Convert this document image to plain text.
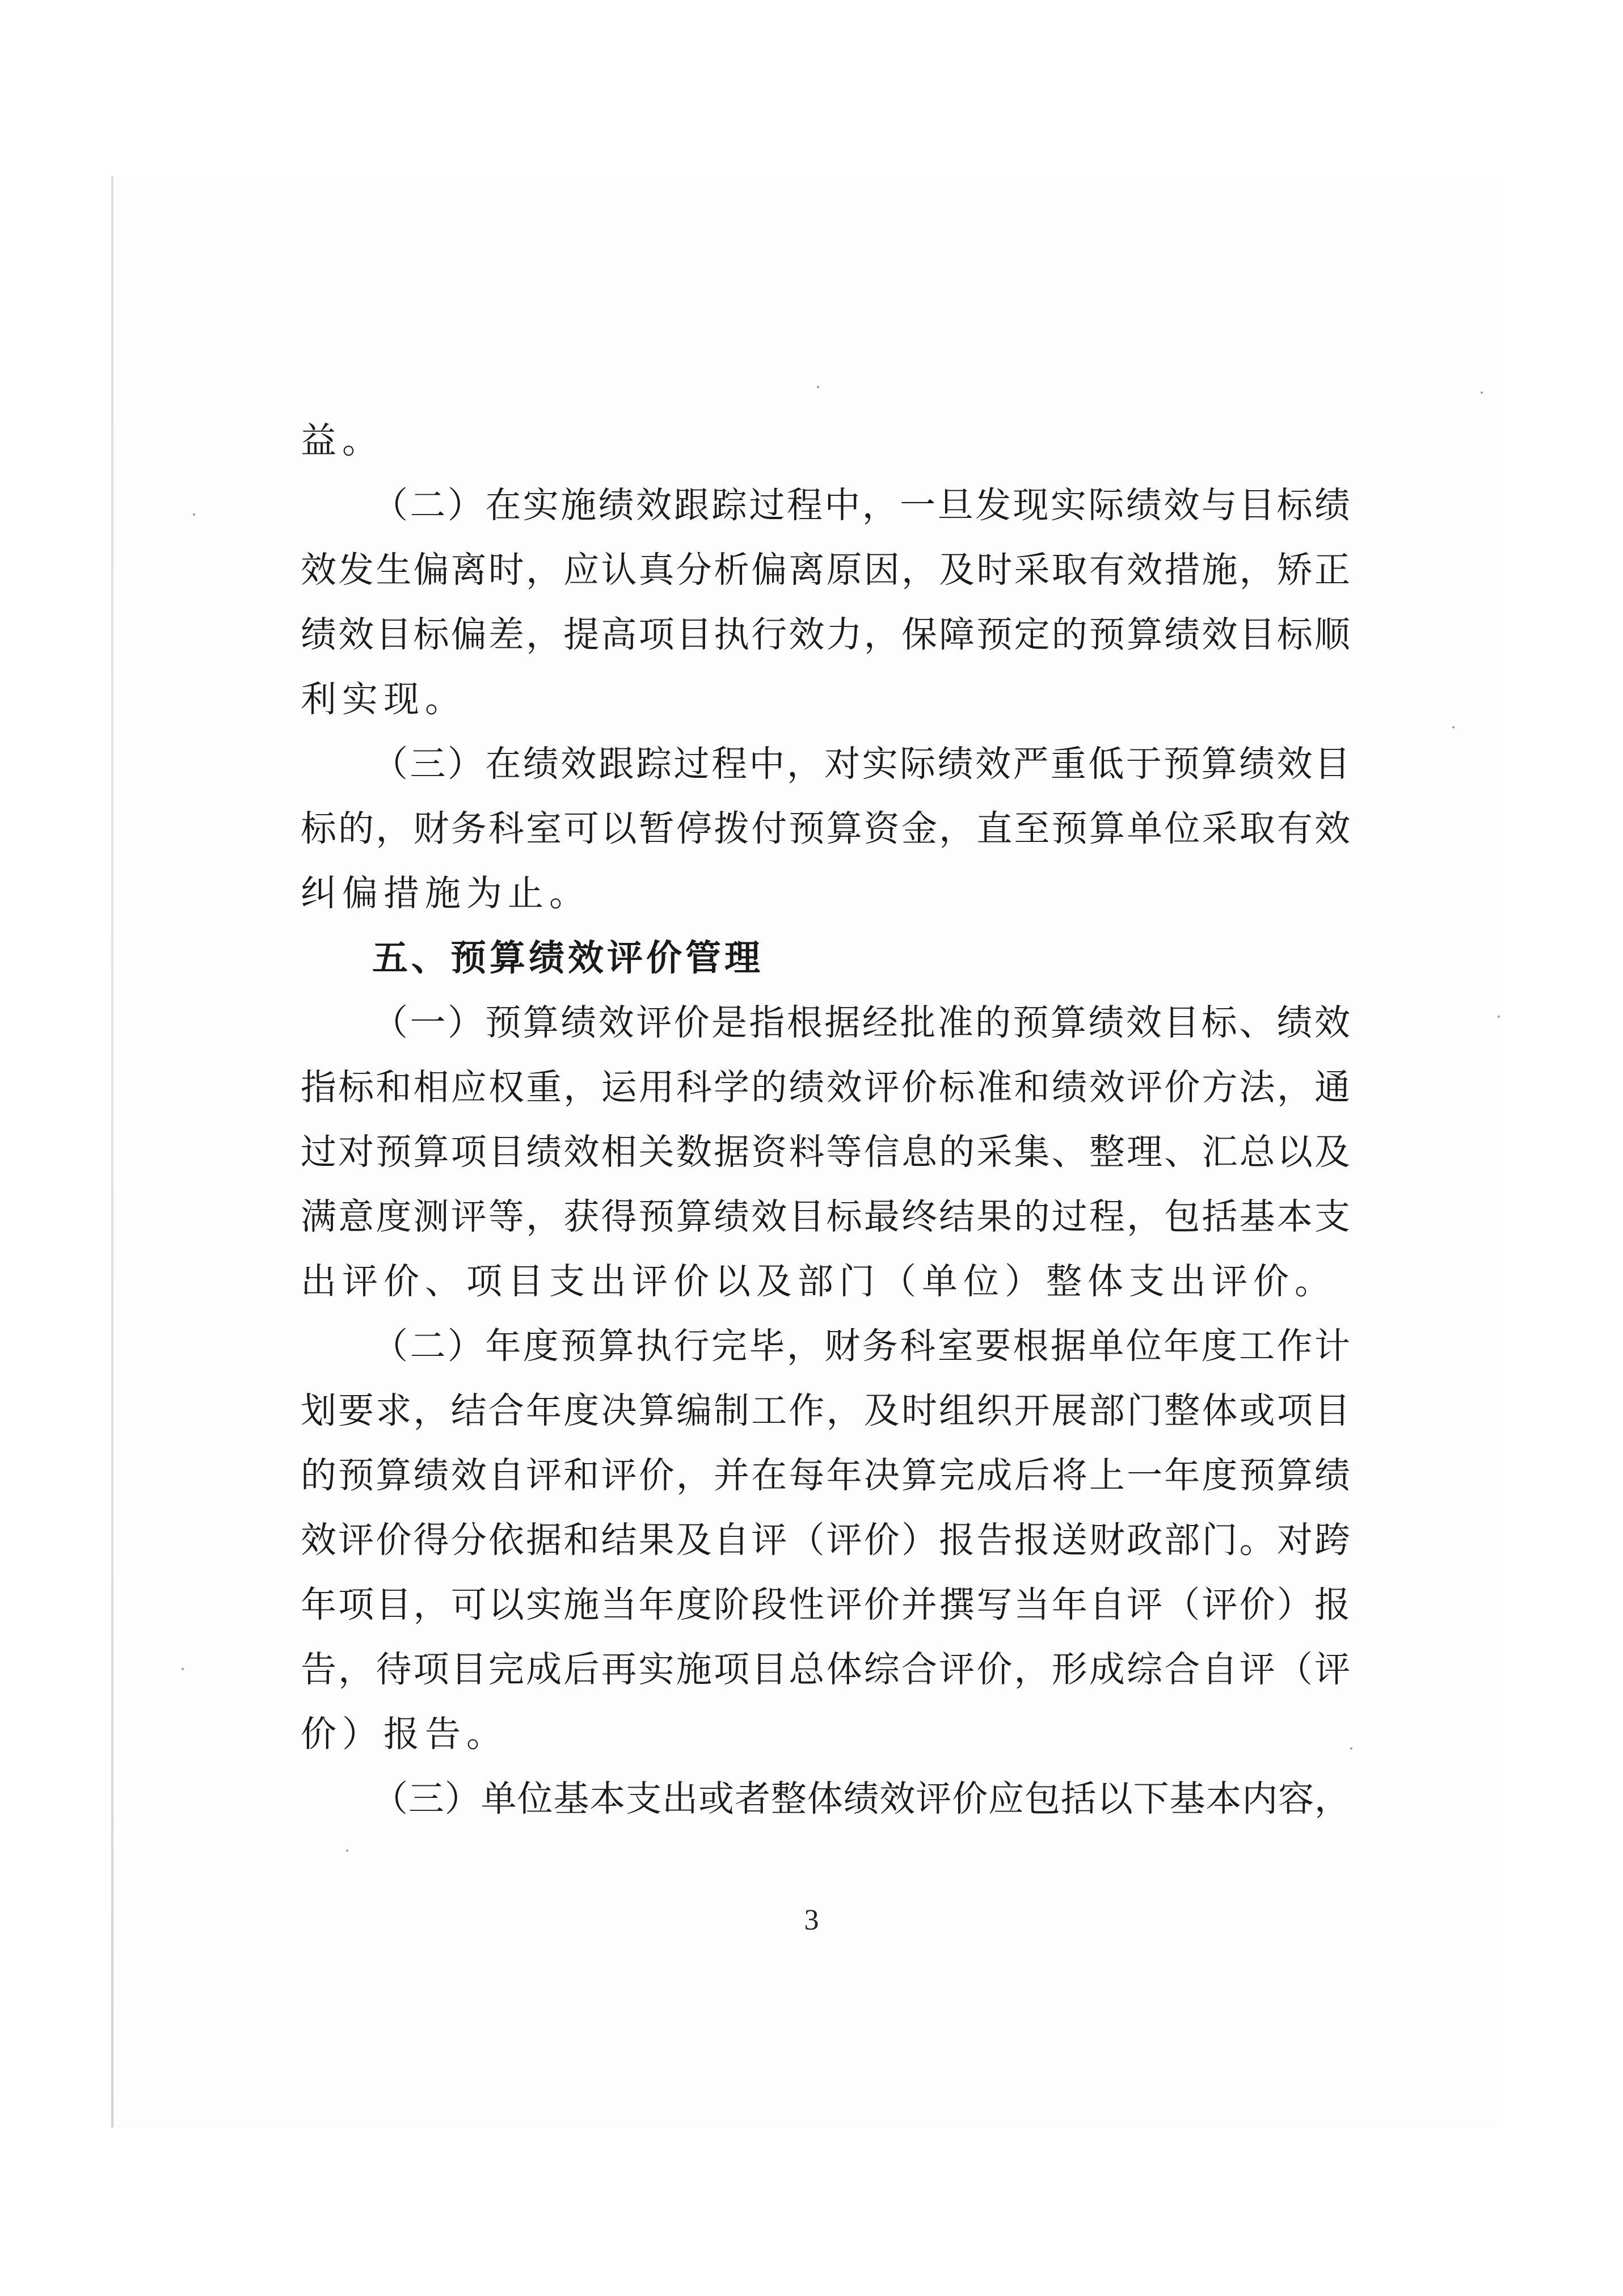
益。
（二）在实施绩效跟踪过程中，一旦发现实际绩效与目标绩
效发生偏离时，应认真分析偏离原因，及时采取有效措施，矫正
绩效目标偏差，提高项目执行效力，保障预定的预算绩效目标顺
利实现。
（三）在绩效跟踪过程中，对实际绩效严重低于预算绩效目
标的，财务科室可以暂停拨付预算资金，直至预算单位采取有效
纠偏措施为止。
五、预算绩效评价管理
（一）预算绩效评价是指根据经批准的预算绩效目标、绩效
指标和相应权重，运用科学的绩效评价标准和绩效评价方法，通
过对预算项目绩效相关数据资料等信息的采集、整理、汇总以及
满意度测评等，获得预算绩效目标最终结果的过程，包括基本支
出评价、项目支出评价以及部门（单位）整体支出评价。
（二）年度预算执行完毕，财务科室要根据单位年度工作计
划要求，结合年度决算编制工作，及时组织开展部门整体或项目
的预算绩效自评和评价，并在每年决算完成后将上一年度预算绩
效评价得分依据和结果及自评（评价）报告报送财政部门。对跨
年项目，可以实施当年度阶段性评价并撰写当年自评（评价）报
告，待项目完成后再实施项目总体综合评价，形成综合自评（评
价）报告。
（三）单位基本支出或者整体绩效评价应包括以下基本内容，
3
